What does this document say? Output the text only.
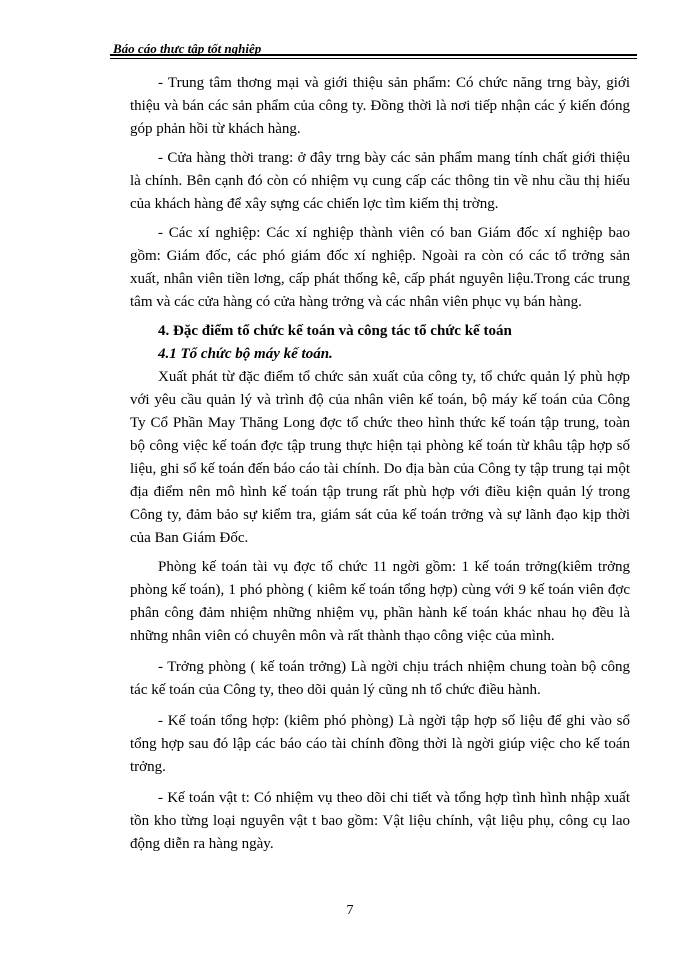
Báo cáo thực tập tốt nghiệp

- Trung tâm thơng mại và giới thiệu sản phẩm: Có chức năng trng bày, giới thiệu và bán các sản phẩm của công ty. Đồng thời là nơi tiếp nhận các ý kiến đóng góp phản hồi từ khách hàng.

- Cửa hàng thời trang: ở đây trng bày các sản phẩm mang tính chất giới thiệu là chính. Bên cạnh đó còn có nhiệm vụ cung cấp các thông tin về nhu cầu thị hiếu của khách hàng để xây sựng các chiến lợc tìm kiếm thị trờng.

- Các xí nghiệp: Các xí nghiệp thành viên có ban Giám đốc xí nghiệp bao gồm: Giám đốc, các phó giám đốc xí nghiệp. Ngoài ra còn có các tổ trởng sản xuất, nhân viên tiền lơng, cấp phát thống kê, cấp phát nguyên liệu.Trong các trung tâm và các cửa hàng có cửa hàng trởng và các nhân viên phục vụ bán hàng.

4. Đặc điểm tổ chức kế toán và công tác tổ chức kế toán

4.1 Tổ chức bộ máy kế toán.

Xuất phát từ đặc điểm tổ chức sản xuất của công ty, tổ chức quản lý phù hợp với yêu cầu quản lý và trình độ của nhân viên kế toán, bộ máy kế toán của Công Ty Cổ Phần May Thăng Long đợc tổ chức theo hình thức kế toán tập trung, toàn bộ công việc kế toán đợc tập trung thực hiện tại phòng kế toán từ khâu tập hợp số liệu, ghi sổ kế toán đến báo cáo tài chính. Do địa bàn của Công ty tập trung tại một địa điểm nên mô hình kế toán tập trung rất phù hợp với điều kiện quản lý trong Công ty, đảm bảo sự kiểm tra, giám sát của kế toán trởng và sự lãnh đạo kịp thời của Ban Giám Đốc.

Phòng kế toán tài vụ đợc tổ chức 11 ngời gồm: 1 kế toán trởng(kiêm trởng phòng kế toán), 1 phó phòng ( kiêm kế toán tổng hợp) cùng với 9 kế toán viên đợc phân công đảm nhiệm những nhiệm vụ, phần hành kế toán khác nhau họ đều là những nhân viên có chuyên môn và rất thành thạo công việc của mình.

- Trởng phòng ( kế toán trởng) Là ngời chịu trách nhiệm chung toàn bộ công tác kế toán của Công ty, theo dõi quản lý cũng nh tổ chức điều hành.

- Kế toán tổng hợp: (kiêm phó phòng) Là ngời tập hợp số liệu để ghi vào sổ tổng hợp sau đó lập các báo cáo tài chính đồng thời là ngời giúp việc cho kế toán trởng.

- Kế toán vật t: Có nhiệm vụ theo dõi chi tiết và tổng hợp tình hình nhập xuất tồn kho từng loại nguyên vật t bao gồm: Vật liệu chính, vật liệu phụ, công cụ lao động diễn ra hàng ngày.

7
